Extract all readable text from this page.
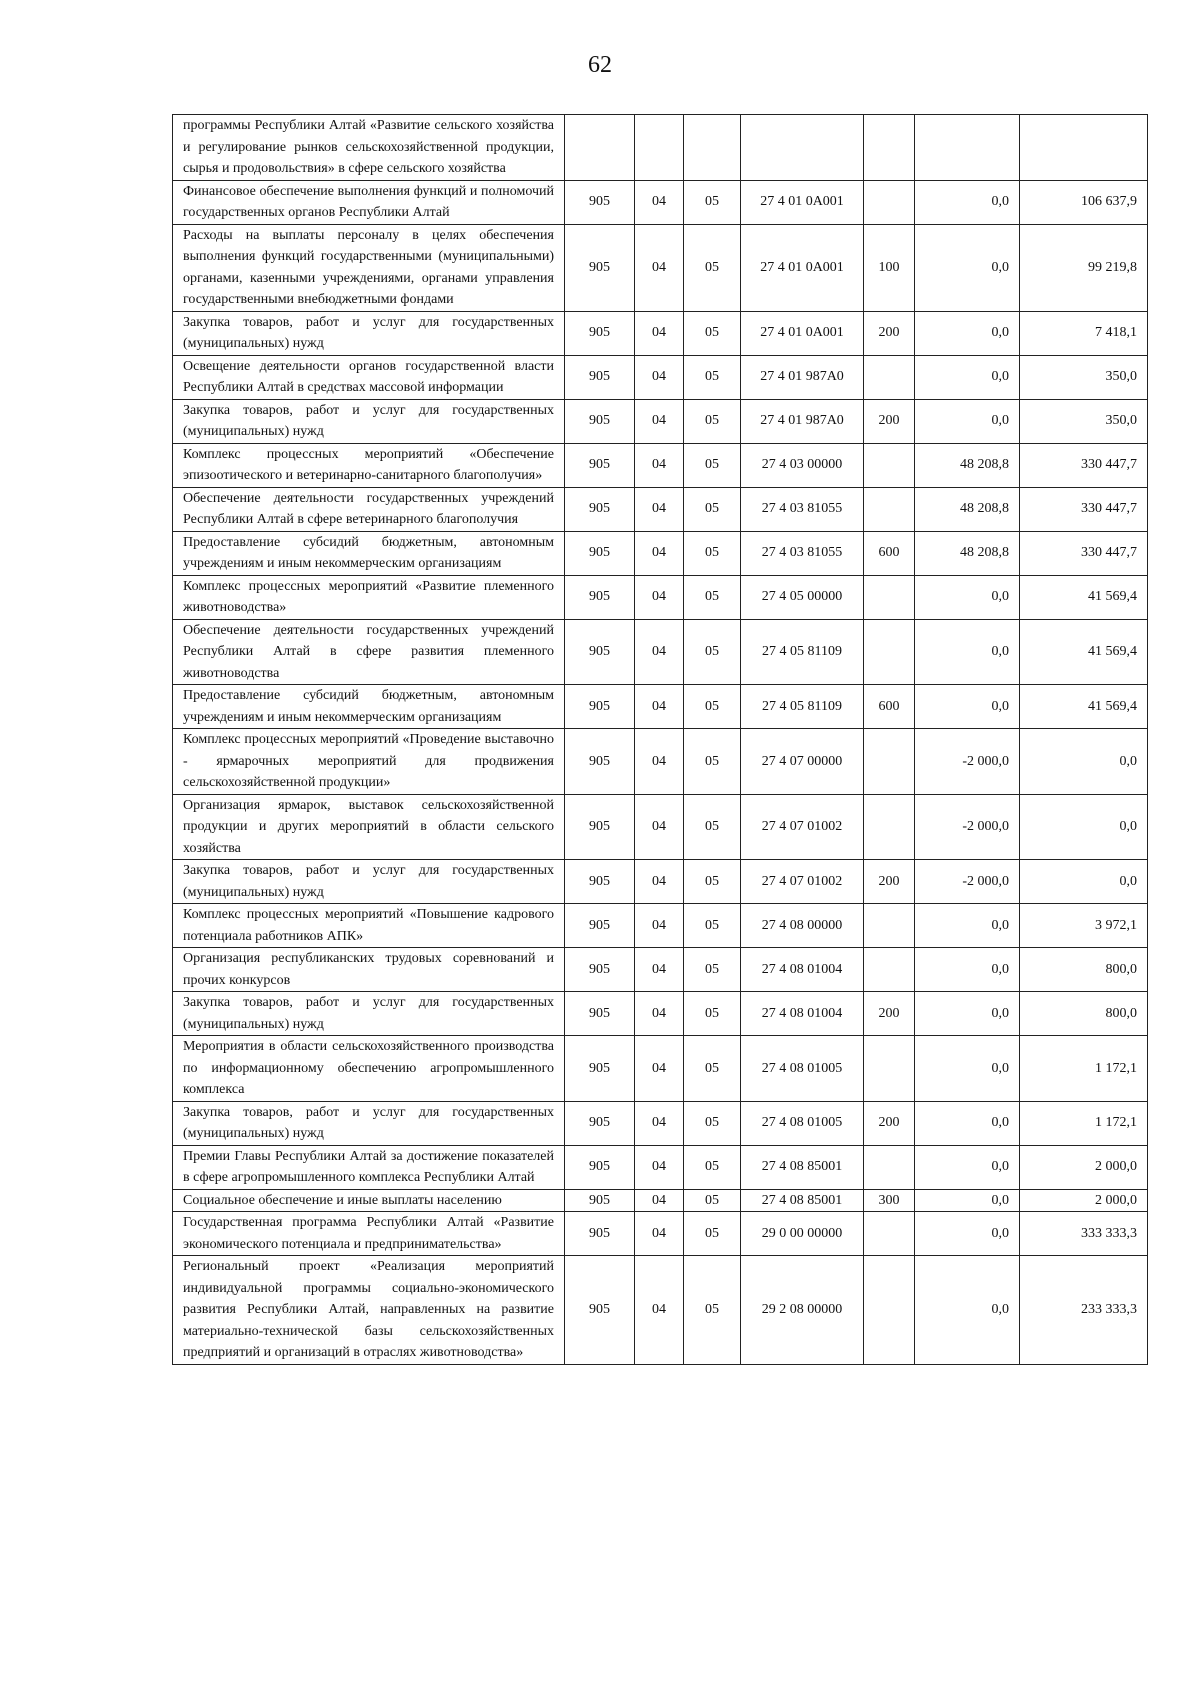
62
программы Республики Алтай «Развитие сельского хозяйства и регулирование рынков сельскохозяйственной продукции, сырья и продовольствия» в сфере сельского хозяйства							
Финансовое обеспечение выполнения функций и полномочий государственных органов Республики Алтай	905	04	05	27 4 01 0А001		0,0	106 637,9
Расходы на выплаты персоналу в целях обеспечения выполнения функций государственными (муниципальными) органами, казенными учреждениями, органами управления государственными внебюджетными фондами	905	04	05	27 4 01 0А001	100	0,0	99 219,8
Закупка товаров, работ и услуг для государственных (муниципальных) нужд	905	04	05	27 4 01 0А001	200	0,0	7 418,1
Освещение деятельности органов государственной власти Республики Алтай в средствах массовой информации	905	04	05	27 4 01 987А0		0,0	350,0
Закупка товаров, работ и услуг для государственных (муниципальных) нужд	905	04	05	27 4 01 987А0	200	0,0	350,0
Комплекс процессных мероприятий «Обеспечение эпизоотического и ветеринарно-санитарного благополучия»	905	04	05	27 4 03 00000		48 208,8	330 447,7
Обеспечение деятельности государственных учреждений Республики Алтай в сфере ветеринарного благополучия	905	04	05	27 4 03 81055		48 208,8	330 447,7
Предоставление субсидий бюджетным, автономным учреждениям и иным некоммерческим организациям	905	04	05	27 4 03 81055	600	48 208,8	330 447,7
Комплекс процессных мероприятий «Развитие племенного животноводства»	905	04	05	27 4 05 00000		0,0	41 569,4
Обеспечение деятельности государственных учреждений Республики Алтай в сфере развития племенного животноводства	905	04	05	27 4 05 81109		0,0	41 569,4
Предоставление субсидий бюджетным, автономным учреждениям и иным некоммерческим организациям	905	04	05	27 4 05 81109	600	0,0	41 569,4
Комплекс процессных мероприятий «Проведение выставочно - ярмарочных мероприятий для продвижения сельскохозяйственной продукции»	905	04	05	27 4 07 00000		-2 000,0	0,0
Организация ярмарок, выставок сельскохозяйственной продукции и других мероприятий в области сельского хозяйства	905	04	05	27 4 07 01002		-2 000,0	0,0
Закупка товаров, работ и услуг для государственных (муниципальных) нужд	905	04	05	27 4 07 01002	200	-2 000,0	0,0
Комплекс процессных мероприятий «Повышение кадрового потенциала работников АПК»	905	04	05	27 4 08 00000		0,0	3 972,1
Организация республиканских трудовых соревнований и прочих конкурсов	905	04	05	27 4 08 01004		0,0	800,0
Закупка товаров, работ и услуг для государственных (муниципальных) нужд	905	04	05	27 4 08 01004	200	0,0	800,0
Мероприятия в области сельскохозяйственного производства по информационному обеспечению агропромышленного комплекса	905	04	05	27 4 08 01005		0,0	1 172,1
Закупка товаров, работ и услуг для государственных (муниципальных) нужд	905	04	05	27 4 08 01005	200	0,0	1 172,1
Премии Главы Республики Алтай за достижение показателей в сфере агропромышленного комплекса Республики Алтай	905	04	05	27 4 08 85001		0,0	2 000,0
Социальное обеспечение и иные выплаты населению	905	04	05	27 4 08 85001	300	0,0	2 000,0
Государственная программа Республики Алтай «Развитие экономического потенциала и предпринимательства»	905	04	05	29 0 00 00000		0,0	333 333,3
Региональный проект «Реализация мероприятий индивидуальной программы социально-экономического развития Республики Алтай, направленных на развитие материально-технической базы сельскохозяйственных предприятий и организаций в отраслях животноводства»	905	04	05	29 2 08 00000		0,0	233 333,3
